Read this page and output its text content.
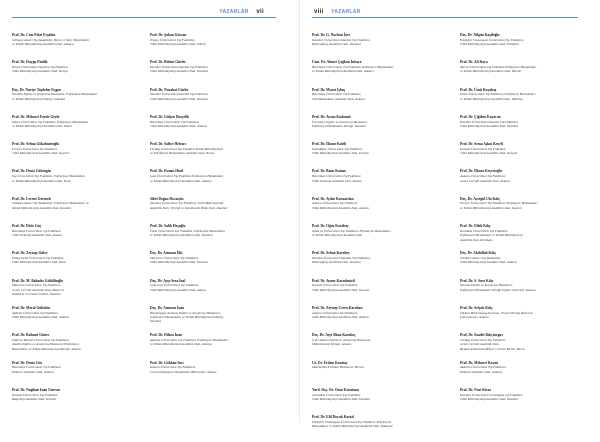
YAZARLAR vii
Prof. Dr. Cem Polat Erşahin
Gülhane Askeri Tıp Akademisi, Beyin ve Sinir Hastalıkları
ve Klinik Mikrobiyoloji Anabilim Dalı, Ankara
Prof. Dr. Duygu Findik
Selçuk Üniversitesi Selçuklu Tıp Fakültesi,
Tıbbi Mikrobiyoloji Anabilim Dalı, Konya
Doç. Dr. Nuriye Taşdelen Fışgın
İstanbul Eğitim ve Araştırma Hastanesi, Enfeksiyon Hastalıkları
ve Klinik Mikrobiyoloji Kliniği, İstanbul
Prof. Dr. Mehmet Faruk Geyik
Düzce Üniversitesi Tıp Fakültesi, Enfeksiyon Hastalıkları
ve Klinik Mikrobiyoloji Anabilim Dalı, Düzce
Prof. Dr. Selma Gökahmetoğlu
Erciyes Üniversitesi Tıp Fakültesi,
Tıbbi Mikrobiyoloji Anabilim Dalı, Kayseri
Prof. Dr. Deniz Gökengin
Ege Üniversitesi Tıp Fakültesi, Enfeksiyon Hastalıkları
ve Klinik Mikrobiyoloji Anabilim Dalı, İzmir
Prof. Dr. Levent Görenek
Gülhane Askeri Tıp Akademisi, Enfeksiyon Hastalıkları ve
Klinik Mikrobiyoloji Anabilim Dalı, İstanbul
Prof. Dr. Dicle Güç
Hacettepe Üniversitesi Tıp Fakültesi,
Tıbbi Onkoloji Anabilim Dalı, Ankara
Prof. Dr. Zeynep Güley
Dokuz Eylül Üniversitesi Tıp Fakültesi,
Tıbbi Mikrobiyoloji Anabilim Dalı, İzmir
Prof. Dr. M. Bahadır Gülüllüoğlu
Marmara Üniversitesi Tıp Fakültesi,
Genel Cerrahi Anabilim Dalı, Meme ve
Endokrin Cerrahisi Ünitesi, İstanbul
Prof. Dr. Meral Gültekin
Akdeniz Üniversitesi Tıp Fakültesi,
Tıbbi Mikrobiyoloji Anabilim Dalı, Antalya
Prof. Dr. Rahmet Güner
Yıldırım Beyazıt Üniversitesi Tıp Fakültesi,
Atatürk Eğitim ve Araştırma Hastanesi Enfeksiyon
Hastalıkları ve Klinik Mikrobiyoloji Kliniği, Ankara
Prof. Dr. Deniz Gür
Hacettepe Üniversitesi Tıp Fakültesi,
Pediatri Anabilim Dalı, Ankara
Prof. Dr. Nagihan Inan Gürcan
Kocaeli Üniversitesi Tıp Fakültesi,
Radyoloji Anabilim Dalı, Kocaeli
Prof. Dr. Şaban Gürcan
Trakya Üniversitesi Tıp Fakültesi,
Tıbbi Mikrobiyoloji Anabilim Dalı, Edirne
Prof. Dr. Bülent Gürler
İstanbul Üniversitesi İstanbul Tıp Fakültesi,
Tıbbi Mikrobiyoloji Anabilim Dalı, İstanbul
Prof. Dr. Nurahat Gürler
İstanbul Üniversitesi İstanbul Tıp Fakültesi,
Tıbbi Mikrobiyoloji Anabilim Dalı, İstanbul
Prof. Dr. Gülşen Hasçelik
Hacettepe Üniversitesi Tıp Fakültesi,
Tıbbi Mikrobiyoloji Anabilim Dalı, Ankara
Prof. Dr. Safiye Helvacı
Uludağ Üniversitesi Tıp Fakültesi Klinik Mikrobiyoloji
ve Enfeksiyon Hastalıkları Anabilim Dalı, Bursa
Prof. Dr. Kenan Hızel
Gazi Üniversitesi Tıp Fakültesi Enfeksiyon Hastalıkları
ve Klinik Mikrobiyoloji Anabilim Dalı, Ankara
Sibel Doğan Hocaoşlu
İstanbul Üniversitesi Tıp Fakültesi, Tıbbi Mikrobiyoloji
Anabilim Dalı, Viroloji ve İmmünoloji Bilim Dalı, İstanbul
Prof. Dr. Salih Hoşoğlu
Fatih Üniversitesi Tıp Fakültesi, Enfeksiyon Hastalıkları
ve Klinik Mikrobiyoloji Anabilim Dalı, İstanbul
Doç. Dr. Asuman İlki
Marmara Üniversitesi Tıp Fakültesi,
Tıbbi Mikrobiyoloji Anabilim Dalı, İstanbul
Doç. Dr. Ayşe Seza İnal
Çukurova Üniversitesi Tıp Fakültesi,
Tıbbi Mikrobiyoloji Anabilim Dalı, Adana
Doç. Dr. Asuman İnan
Haydarpaşa Numune Eğitim ve Araştırma Hastanesi,
Enfeksiyon Hastalıkları ve Klinik Mikrobiyoloji Kliniği,
İstanbul
Prof. Dr. Dilara İnan
Akdeniz Üniversitesi Tıp Fakültesi, Enfeksiyon Hastalıkları
ve Klinik Mikrobiyoloji Anabilim Dalı, Antalya
Prof. Dr. Gökhan Inci
Ankara Üniversitesi Tıp Fakültesi,
Çocuk Enfeksiyon Hastalıkları Bilim Dalı, Ankara
viii YAZARLAR
Prof. Dr. G. Nurhan İnce
İstanbul Üniversitesi İstanbul Tıp Fakültesi,
Halk Sağlığı Anabilim Dalı, İstanbul
Uzm. Dr. Ahmet Çağkan İnkaya
Hacettepe Üniversitesi Tıp Fakültesi, Enfeksiyon Hastalıkları
ve Klinik Mikrobiyoloji Anabilim Dalı, Ankara
Prof. Dr. Murat İşbaş
Hacettepe Üniversitesi Tıp Fakültesi,
Göz Hastalıkları Anabilim Dalı, Ankara
Prof. Dr. Aysun Kadanalı
Ümraniye Eğitim ve Araştırma Hastanesi,
Enfeksiyon Hastalıkları Kliniği, İstanbul
Prof. Dr. İlknur Kaleli
Pamukkale Üniversitesi Tıp Fakültesi,
Tıbbi Mikrobiyoloji Anabilim Dalı, Denizli
Prof. Dr. Banu Kanan
Hacettepe Üniversitesi Tıp Fakültesi,
Tıbbi Onkoloji Anabilim Dalı, Ankara
Prof. Dr. Aydın Karaarslan
Ankara Üniversitesi Tıp Fakültesi,
Tıbbi Mikrobiyoloji Anabilim Dalı, Ankara
Prof. Dr. Oğuz Karabay
Sakarya Üniversitesi Tıp Fakültesi, Enfeksiyon Hastalıkları
ve Klinik Mikrobiyoloji Anabilim Dalı
Prof. Dr. Selma Karabey
İstanbul Üniversitesi İstanbul Tıp Fakültesi,
Halk Sağlığı Anabilim Dalı, İstanbul
Prof. Dr. Aynur Karadenizli
Kocaeli Üniversitesi Tıp Fakültesi,
Tıbbi Mikrobiyoloji Anabilim Dalı, Kocaeli
Prof. Dr. Zeynep Ceren Karahan
Ankara Üniversitesi Tıp Fakültesi,
Tıbbi Mikrobiyoloji Anabilim Dalı, Ankara
Doç. Dr. Ayşe İlkan Karakoç
S. B. Ankara Eğitim ve Araştırma Hastanesi,
Mikrobiyoloji Kliniği, Ankara
Uz. Dr. Erdem Karataş
Mahmutbeyli Erdem Hastanesi, Mersin
Yard. Doç. Dr. Onur Karatuna
Acıbadem Üniversitesi Tıp Fakültesi,
Tıbbi Mikrobiyoloji Anabilim Dalı, İstanbul
Prof. Dr. Elif Doyuk Kartal
Eskişehir Osmangazi Üniversitesi Tıp Fakültesi, Enfeksiyon
Hastalıkları ve Klinik Mikrobiyoloji Anabilim Dalı, Eskişehir
Doç. Dr. Nilgün Kaşifoğlu
Eskişehir Osmangazi Üniversitesi Tıp Fakültesi,
Tıbbi Mikrobiyoloji Anabilim Dalı, Eskişehir
Prof. Dr. Ali Kaya
Mersin Üniversitesi Tıp Fakültesi Enfeksiyon Hastalıkları
ve Klinik Mikrobiyoloji Anabilim Dalı, Mersin
Prof. Dr. Ümit Kayabaş
İnönü Üniversitesi Tıp Fakültesi, Enfeksiyon Hastalıkları
ve Klinik Mikrobiyoloji Anabilim Dalı, Malatya
Prof. Dr. Çiğdem Kayacan
İstanbul Üniversitesi İstanbul Tıp Fakültesi,
Tıbbi Mikrobiyoloji Anabilim Dalı, İstanbul
Prof. Dr. Sema Aşkın Keçeli
Kocaeli Üniversitesi Tıp Fakültesi,
Tıbbi Mikrobiyoloji Anabilim Dalı, Kocaeli
Prof. Dr. İlknur Keçecioğlu
Ankara Üniversitesi Tıp Fakültesi,
Genel Cerrahi Anabilim Dalı, Ankara
Doç. Dr. Aysegül Ulu Kılıç
Erciyes Üniversitesi Tıp Fakültesi, Enfeksiyon Hastalıkları
ve Klinik Mikrobiyoloji Anabilim Dalı, Kayseri
Prof. Dr. Dilek Kılıç
Kırıkkale Üniversitesi Tıp Fakültesi,
Enfeksiyon Hastalıkları ve Klinik Mikrobiyoloji
Anabilim Dalı, Kırıkkale
Doç. Dr. Abdullah Kılıç
Gülhane Askeri Tıp Akademisi,
Tıbbi Mikrobiyoloji Anabilim Dalı, Ankara
Prof. Dr. S. Sırrı Kılıç
Samsun Eğitim ve Araştırma Hastanesi,
Enfeksiyon Hastalıkları Kliniği Eğitim Görevlisi, Samsun
Prof. Dr. Selçuk Kılıç
Türkiye Halk Sağlığı Kurumu, Ulusal Viroloji Referans
Laboratuvarı, Ankara
Prof. Dr. Saadet Kılıçturgay
Uludağ Üniversitesi Tıp Fakültesi,
Genel Cerrahi Anabilim Dalı,
Hepato-Pankreato-Biliyer Cerrahi Birimi, Bursa
Prof. Dr. Mehmet Koyun
Akdeniz Üniversitesi Tıp Fakültesi,
Pediatri Anabilim Dalı, Antalya
Prof. Dr. Nuri Kiraz
İstanbul Üniversitesi Cerrahpaşa Tıp Fakültesi,
Tıbbi Mikrobiyoloji Anabilim Dalı, İstanbul
